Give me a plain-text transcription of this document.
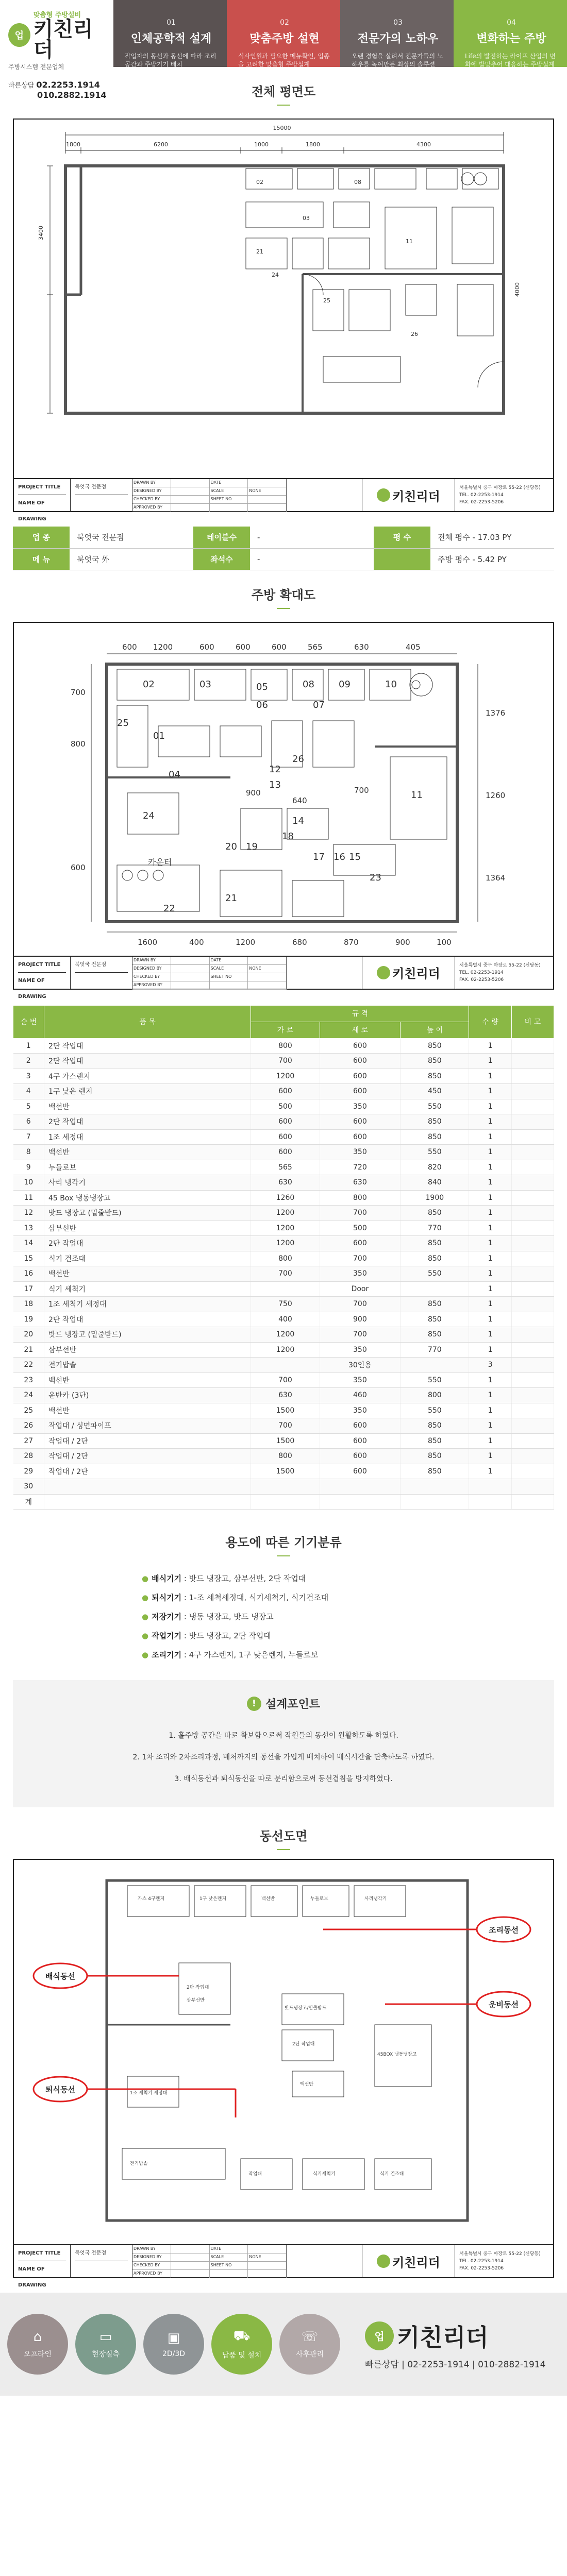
업
맞춤형 주방설비
키친리더
주방시스템 전문업체
빠른상담 02.2253.1914
010.2882.1914
01
인체공학적 설계
작업자의 동선과 동선에 따라 조리공간과 주방기기 배치
02
맞춤주방 설현
식사인원과 필요한 메뉴확인, 업종을 고려한 맞춤형 주방설계
03
전문가의 노하우
오랜 경험을 살려서 전문가들의 노하우를 녹여만든 최상의 솔루션
04
변화하는 주방
Life의 발전하는 라이프 산업의 변화에 발맞추어 대응하는 주방설계
전체 평면도
15000
1800	6200	1000	1800	4300
3400
4000
21
24
25
26
11
02	08
03
PROJECT TITLE
NAME OF DRAWING
북엇국 전문점
DRAWN BY	DATE
DESIGNED BY	SCALE	NONE
CHECKED BY	SHEET NO
APPROVED BY
키친리더
서울특별시 중구 마장로 55-22 (신당동)
TEL. 02-2253-1914
FAX. 02-2253-5206
업 종	북엇국 전문점	테이블수	-	평 수	전체 평수 - 17.03 PY
메 뉴	북엇국 外	좌석수	-		주방 평수 - 5.42 PY
주방 확대도
600 1200	600	600	600	565	630	405
1600	400	1200	680	870	900	100
1376
1260
1364
700
800
600
900
640
700
01
02	03
04
05
06	07
08	09	10
11
12
13
14
15
16
17
18
19
20
21
22
23
24
25
26
카운터
PROJECT TITLE
NAME OF DRAWING
북엇국 전문점
DRAWN BY	DATE
DESIGNED BY	SCALE	NONE
CHECKED BY	SHEET NO
APPROVED BY
키친리더
서울특별시 중구 마장로 55-22 (신당동)
TEL. 02-2253-1914
FAX. 02-2253-5206
순 번	품 목	규 격			수 량	비 고
		가 로	세 로	높 이		
1	2단 작업대	800	600	850	1	
2	2단 작업대	700	600	850	1	
3	4구 가스렌지	1200	600	850	1	
4	1구 낮은 렌지	600	600	450	1	
5	백선반	500	350	550	1	
6	2단 작업대	600	600	850	1	
7	1조 세정대	600	600	850	1	
8	백선반	600	350	550	1	
9	누들로보	565	720	820	1	
10	사리 냉각기	630	630	840	1	
11	45 Box 냉동냉장고	1260	800	1900	1	
12	밧드 냉장고 (밑줄받드)	1200	700	850	1	
13	삼부선반	1200	500	770	1	
14	2단 작업대	1200	600	850	1	
15	식기 건조대	800	700	850	1	
16	백선반	700	350	550	1	
17	식기 세척기		Door		1	
18	1조 세척기 세정대	750	700	850	1	
19	2단 작업대	400	900	850	1	
20	밧드 냉장고 (밑줄받드)	1200	700	850	1	
21	삼부선반	1200	350	770	1	
22	전기밥솥		30인용		3	
23	백선반	700	350	550	1	
24	운반카 (3단)	630	460	800	1	
25	백선반	1500	350	550	1	
26	작업대 / 싱면파이프	700	600	850	1	
27	작업대 / 2단	1500	600	850	1	
28	작업대 / 2단	800	600	850	1	
29	작업대 / 2단	1500	600	850	1	
30						
계						
용도에 따른 기기분류
● 배식기기 : 밧드 냉장고, 삼부선반, 2단 작업대
● 되식기기 : 1-조 세척세정대, 식기세척기, 식기건조대
● 저장기기 : 냉동 냉장고, 밧드 냉장고
● 작업기기 : 밧드 냉장고, 2단 작업대
● 조리기기 : 4구 가스렌지, 1구 낮은렌지, 누들로보
! 설계포인트
1. 홀주방 공간을 따로 확보함으로써 작원들의 동선이 원활하도록 하였다.
2. 1차 조리와 2차조리과정, 배처까지의 동선을 가입게 배치하여 배식시간을 단축하도록 하였다.
3. 배식동선과 퇴식동선을 따로 분리함으로써 동선겹침을 방지하였다.
동선도면
가스 4구렌지	1구 낮은렌지	백선반	누들로보	사리냉각기
2단 작업대
삼부선반
밧드냉장고/밑줄받드
45BOX 냉동냉장고
2단 작업대
식기세척기	식기 건조대
전기밥솥
작업대
1조 세척기 세정대
백선반
조리동선
운비동선
배식동선
퇴식동선
PROJECT TITLE
NAME OF DRAWING
북엇국 전문점
DRAWN BY	DATE
DESIGNED BY	SCALE	NONE
CHECKED BY	SHEET NO
APPROVED BY
키친리더
서울특별시 중구 마장로 55-22 (신당동)
TEL. 02-2253-1914
FAX. 02-2253-5206
⌂
오프라인
▭
현장실측
▣
2D/3D
⛟
납품 및 설치
☏
사후관리
업 키친리더
빠른상담 | 02-2253-1914 | 010-2882-1914
